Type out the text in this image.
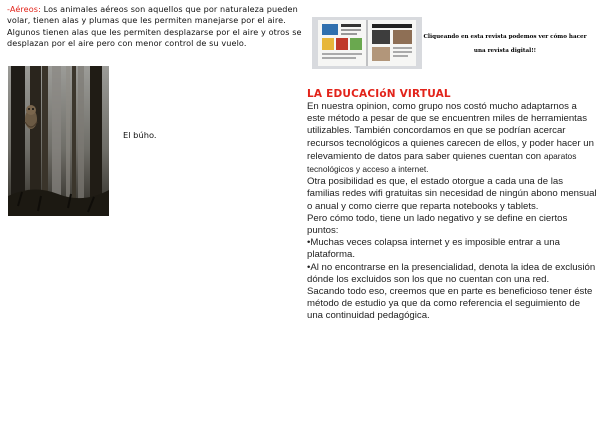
-Aéreos: Los animales aéreos son aquellos que por naturaleza pueden volar, tienen alas y plumas que les permiten manejarse por el aire. Algunos tienen alas que les permiten desplazarse por el aire y otros se desplazan por el aire pero con menor control de su vuelo.
El búho.
Cliqueando en esta revista podemos ver cómo hacer una revista digital!!
LA EDUCACIóN VIRTUAL

En nuestra opinion, como grupo nos costó mucho adaptarnos a este método a pesar de que se encuentren miles de herramientas utilizables. También concordamos en que se podrían acercar recursos tecnológicos a quienes carecen de ellos, y poder hacer un relevamiento de datos para saber quienes cuentan con aparatos tecnológicos y acceso a internet.

Otra posibilidad es que, el estado otorgue a cada una de las familias redes wifi gratuitas sin necesidad de ningún abono mensual o anual y como cierre que reparta notebooks y tablets.

Pero cómo todo, tiene un lado negativo y se define en ciertos puntos:

•Muchas veces colapsa internet y es imposible entrar a una plataforma.

•Al no encontrarse en la presencialidad, denota la idea de exclusión dónde los excluidos son los que no cuentan con una red.

Sacando todo eso, creemos que en parte es beneficioso tener éste método de estudio ya que da como referencia el seguimiento de una continuidad pedagógica.
